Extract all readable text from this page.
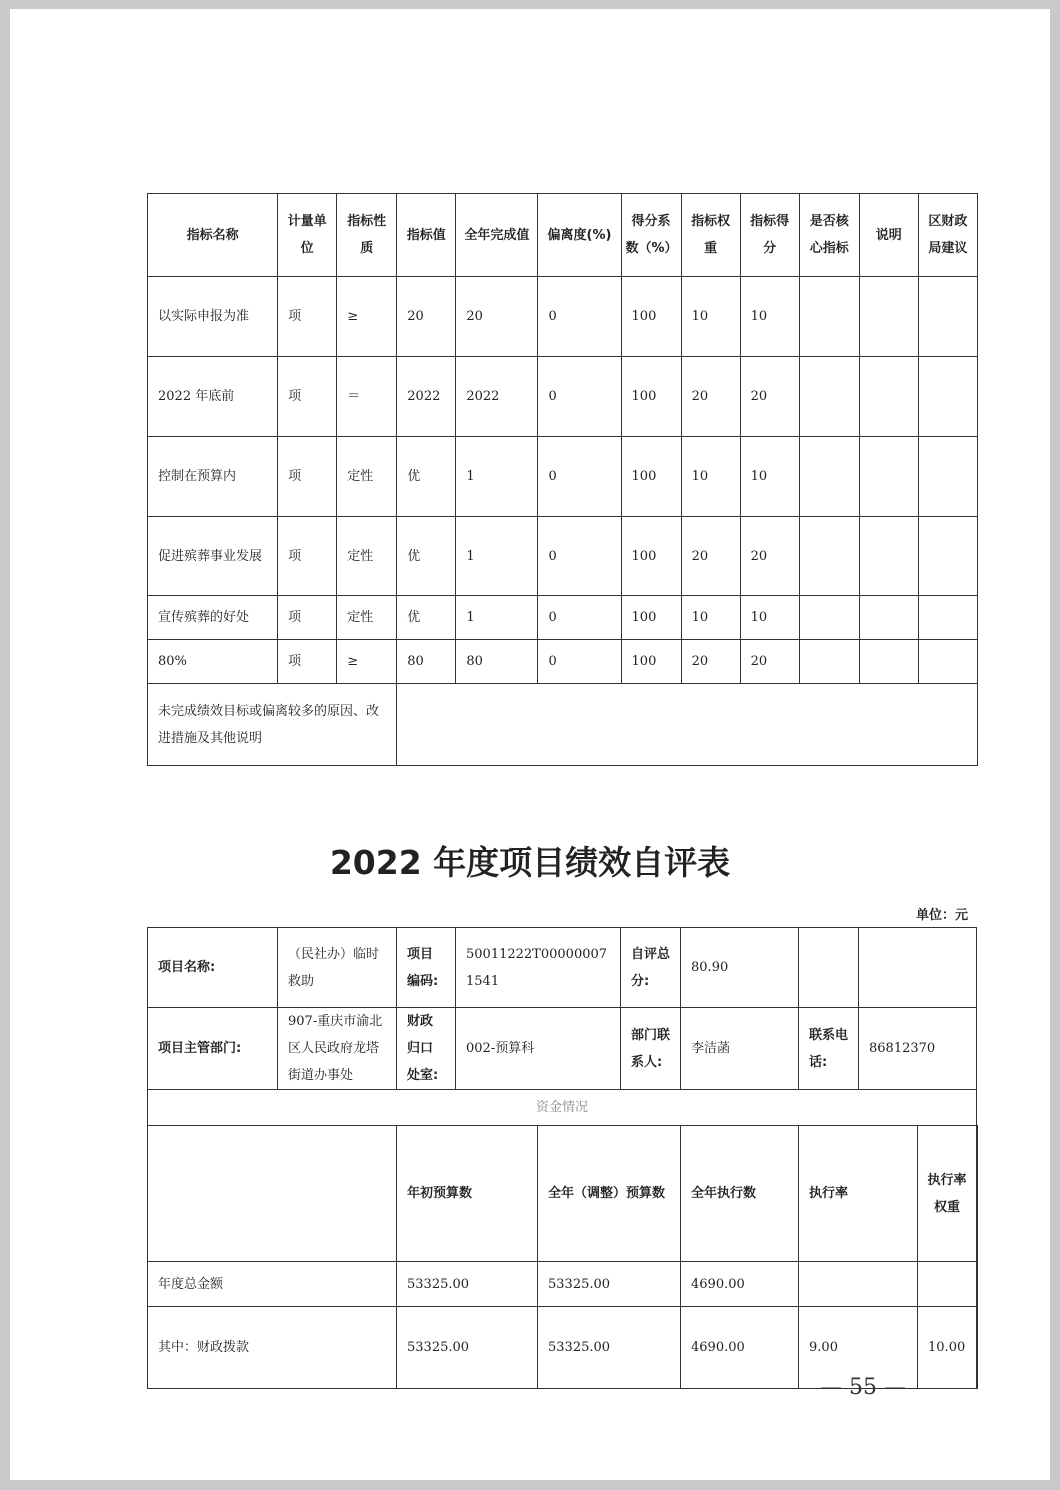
指标名称	计量单位	指标性质	指标值	全年完成值	偏离度(%)	得分系数（%）	指标权重	指标得分	是否核心指标	说明	区财政局建议
以实际申报为准	项	≥	20	20	0	100	10	10			
2022 年底前	项	＝	2022	2022	0	100	20	20			
控制在预算内	项	定性	优	1	0	100	10	10			
促进殡葬事业发展	项	定性	优	1	0	100	20	20			
宣传殡葬的好处	项	定性	优	1	0	100	10	10			
80%	项	≥	80	80	0	100	20	20			
未完成绩效目标或偏离较多的原因、改进措施及其他说明											
2022 年度项目绩效自评表
单位：元
项目名称:	（民社办）临时救助	项目编码:	50011222T000000071541		自评总分:	80.90				
项目主管部门:	907-重庆市渝北区人民政府龙塔街道办事处	财政归口处室:	002-预算科		部门联系人:	李洁菡	联系电话:	86812370		
资金情况										
		年初预算数		全年（调整）预算数		全年执行数	执行率		执行率权重	
年度总金额		53325.00		53325.00		4690.00				
其中：财政拨款		53325.00		53325.00		4690.00	9.00		10.00	
— 55 —
